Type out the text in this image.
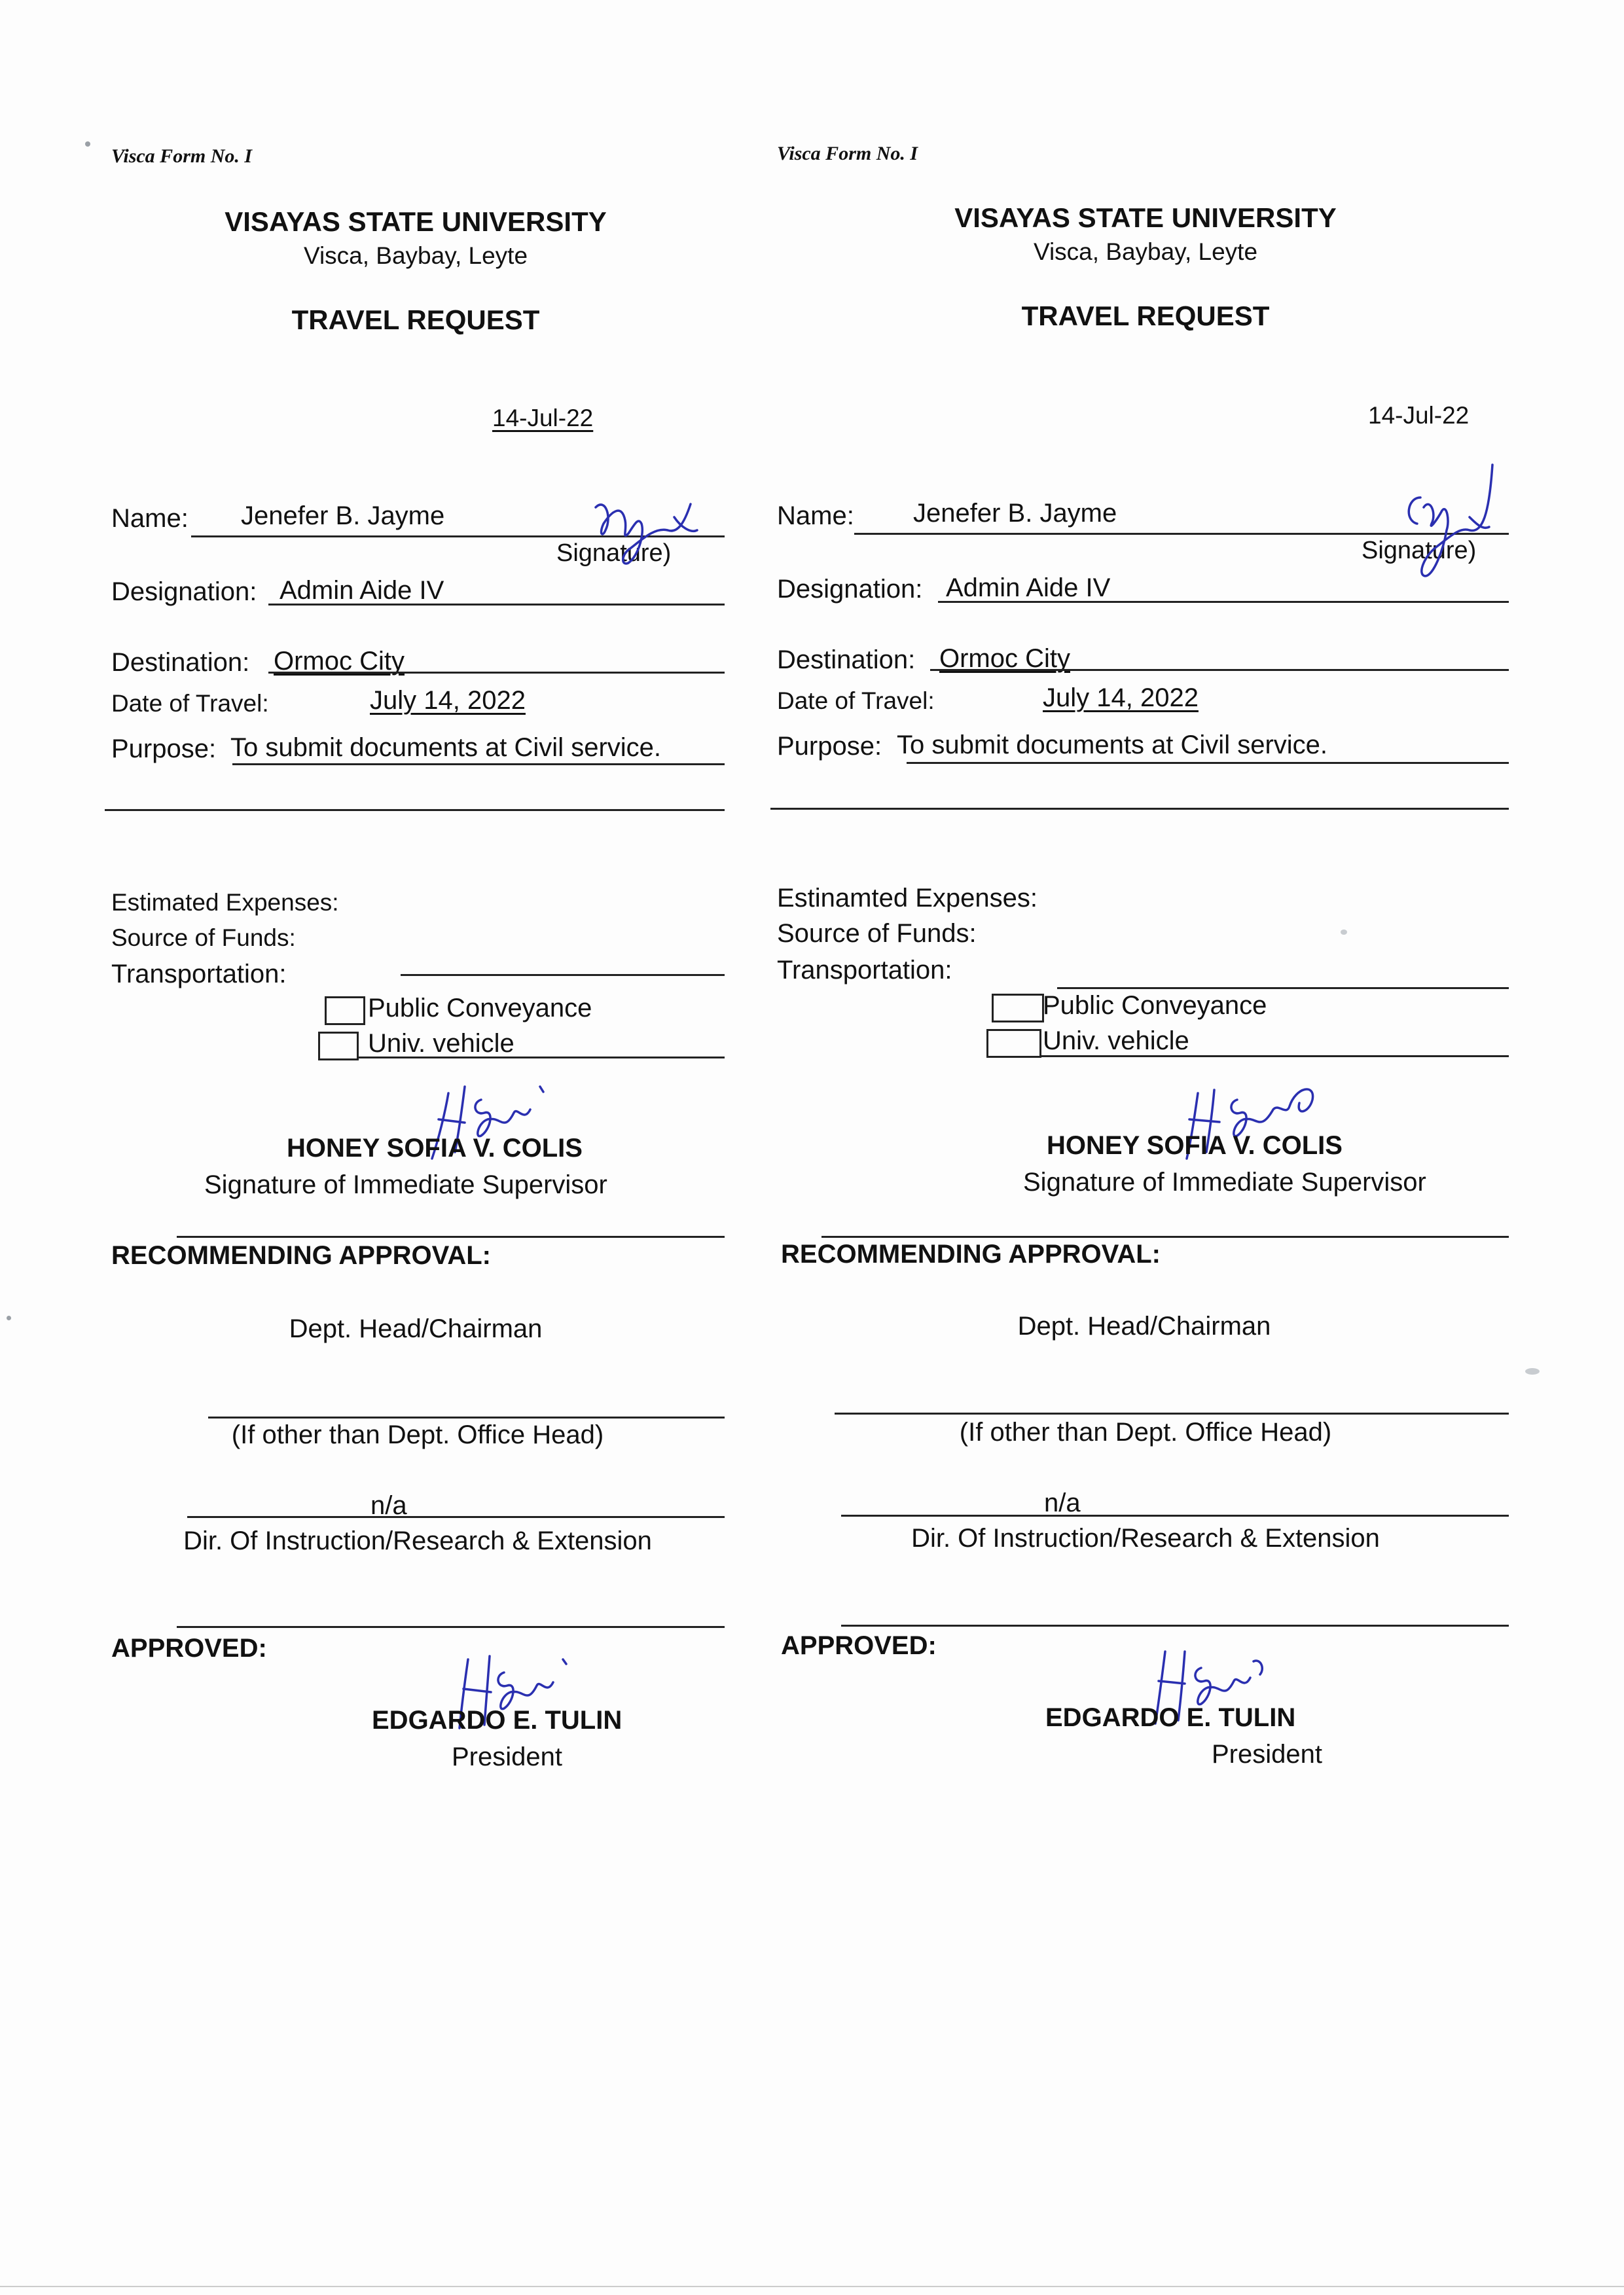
Visca Form No. I
VISAYAS STATE UNIVERSITY
Visca, Baybay, Leyte
TRAVEL REQUEST
14-Jul-22
Name: Jenefer B. Jayme
Signature)
Designation: Admin Aide IV
Destination: Ormoc City
Date of Travel:	July 14, 2022
Purpose: To submit documents at Civil service.
Estimated Expenses:
Source of Funds:
Transportation:
Public Conveyance
Univ. vehicle
HONEY SOFIA V. COLIS
Signature of Immediate Supervisor
RECOMMENDING APPROVAL:
Dept. Head/Chairman
(If other than Dept. Office Head)
n/a
Dir. Of Instruction/Research & Extension
APPROVED:
EDGARDO E. TULIN
President
Visca Form No. I
VISAYAS STATE UNIVERSITY
Visca, Baybay, Leyte
TRAVEL REQUEST
14-Jul-22
Name: Jenefer B. Jayme
Signature)
Designation: Admin Aide IV
Destination: Ormoc City
Date of Travel:	July 14, 2022
Purpose: To submit documents at Civil service.
Estinamted Expenses:
Source of Funds:
Transportation:
Public Conveyance
Univ. vehicle
HONEY SOFIA V. COLIS
Signature of Immediate Supervisor
RECOMMENDING APPROVAL:
Dept. Head/Chairman
(If other than Dept. Office Head)
n/a
Dir. Of Instruction/Research & Extension
APPROVED:
EDGARDO E. TULIN
President
